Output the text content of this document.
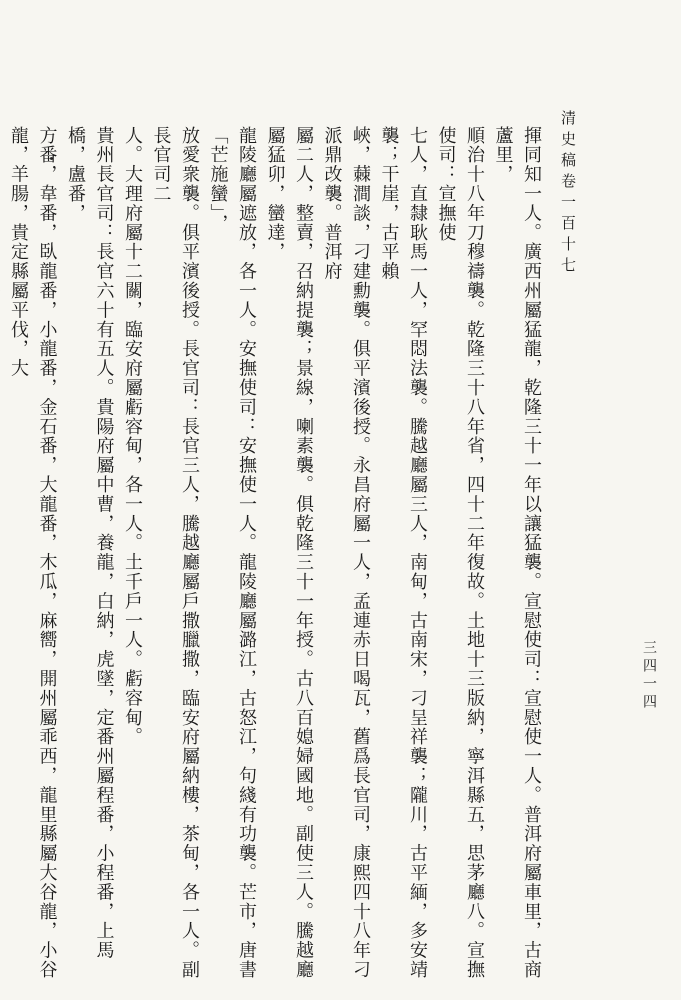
清史稿卷一百十七
三四一四
揮同知一人。廣西州屬猛龍，乾隆三十一年以讓猛襲。宣慰使司：宣慰使一人。普洱府屬車里，古商蘆里，
順治十八年刀穆禱襲。乾隆三十八年省，四十二年復故。土地十三版納，寧洱縣五，思茅廳八。宣撫使司：宣撫使
七人，直隸耿馬一人，罕悶法襲。騰越廳屬三人，南甸，古南宋，刁呈祥襲；隴川，古平緬，多安靖襲；干崖，古平賴
峽，蕀澗談，刁建勳襲。俱平濱後授。永昌府屬一人，孟連赤日喝瓦，舊爲長官司，康熙四十八年刁派鼎改襲。普洱府
屬二人，整賣，召納提襲；景線，喇素襲。俱乾隆三十一年授。古八百媳婦國地。副使三人。騰越廳屬猛卯，蠻達，
龍陵廳屬遮放，各一人。安撫使司：安撫使一人。龍陵廳屬潞江，古怒江，句綫有功襲。芒市，唐書「芒施蠻」，
放愛衆襲。俱平濱後授。長官司：長官三人，騰越廳屬戶撒臘撒，臨安府屬納樓，茶甸，各一人。副長官司二
人。大理府屬十二關，臨安府屬虧容甸，各一人。土千戶一人。虧容甸。
貴州長官司：長官六十有五人。貴陽府屬中曹，養龍，白納，虎墜，定番州屬程番，小程番，上馬橋，盧番，
方番，韋番，臥龍番，小龍番，金石番，大龍番，木瓜，麻嚮，開州屬乖西，龍里縣屬大谷龍，小谷龍，羊腸，貴定縣屬平伐，大
